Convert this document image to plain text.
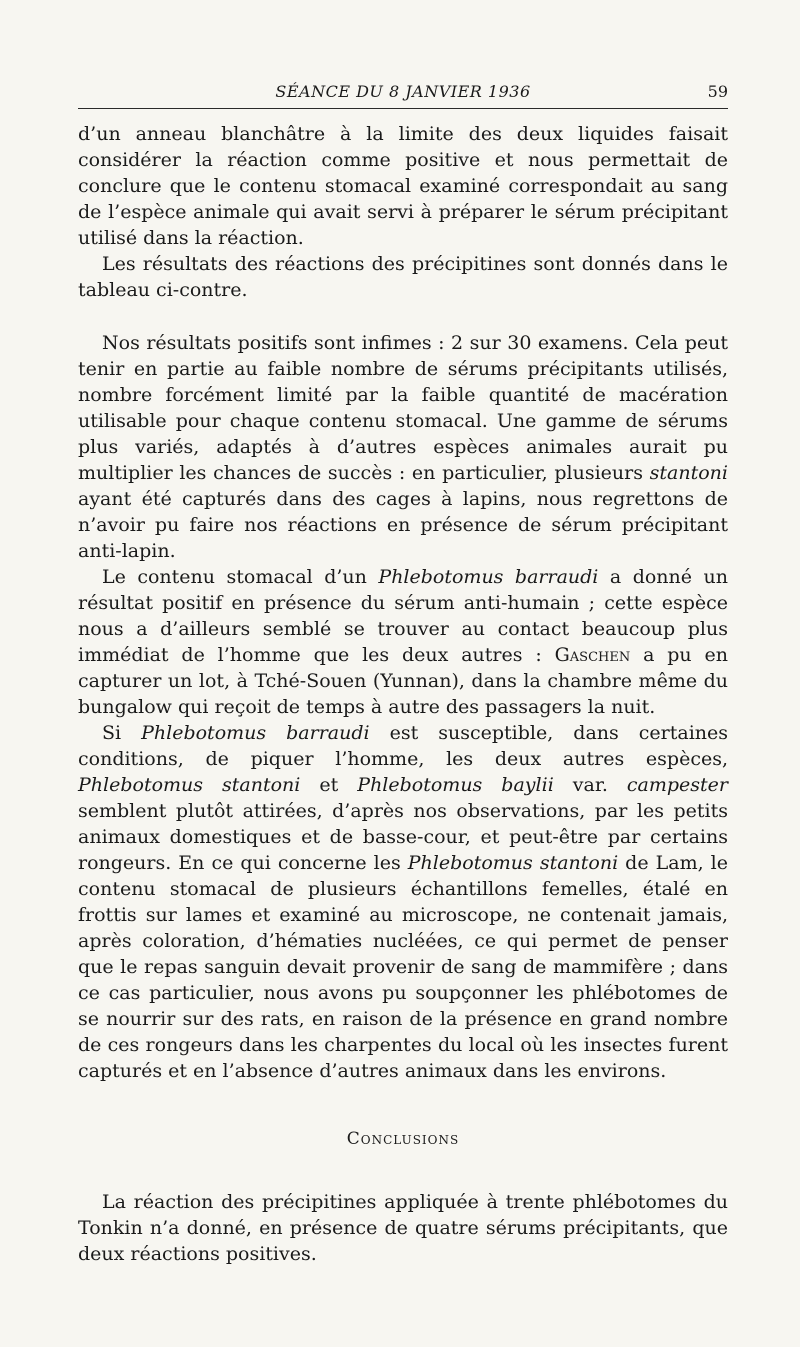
SÉANCE DU 8 JANVIER 1936	59

d’un anneau blanchâtre à la limite des deux liquides faisait considérer la réaction comme positive et nous permettait de conclure que le contenu stomacal examiné correspondait au sang de l’espèce animale qui avait servi à préparer le sérum précipitant utilisé dans la réaction.

Les résultats des réactions des précipitines sont donnés dans le tableau ci-contre.

Nos résultats positifs sont infimes : 2 sur 30 examens. Cela peut tenir en partie au faible nombre de sérums précipitants utilisés, nombre forcément limité par la faible quantité de macération utilisable pour chaque contenu stomacal. Une gamme de sérums plus variés, adaptés à d’autres espèces animales aurait pu multiplier les chances de succès : en particulier, plusieurs stantoni ayant été capturés dans des cages à lapins, nous regrettons de n’avoir pu faire nos réactions en présence de sérum précipitant anti-lapin.

Le contenu stomacal d’un Phlebotomus barraudi a donné un résultat positif en présence du sérum anti-humain ; cette espèce nous a d’ailleurs semblé se trouver au contact beaucoup plus immédiat de l’homme que les deux autres : Gaschen a pu en capturer un lot, à Tché-Souen (Yunnan), dans la chambre même du bungalow qui reçoit de temps à autre des passagers la nuit.

Si Phlebotomus barraudi est susceptible, dans certaines conditions, de piquer l’homme, les deux autres espèces, Phlebotomus stantoni et Phlebotomus baylii var. campester semblent plutôt attirées, d’après nos observations, par les petits animaux domestiques et de basse-cour, et peut-être par certains rongeurs. En ce qui concerne les Phlebotomus stantoni de Lam, le contenu stomacal de plusieurs échantillons femelles, étalé en frottis sur lames et examiné au microscope, ne contenait jamais, après coloration, d’hématies nucléées, ce qui permet de penser que le repas sanguin devait provenir de sang de mammifère ; dans ce cas particulier, nous avons pu soupçonner les phlébotomes de se nourrir sur des rats, en raison de la présence en grand nombre de ces rongeurs dans les charpentes du local où les insectes furent capturés et en l’absence d’autres animaux dans les environs.

Conclusions

La réaction des précipitines appliquée à trente phlébotomes du Tonkin n’a donné, en présence de quatre sérums précipitants, que deux réactions positives.
